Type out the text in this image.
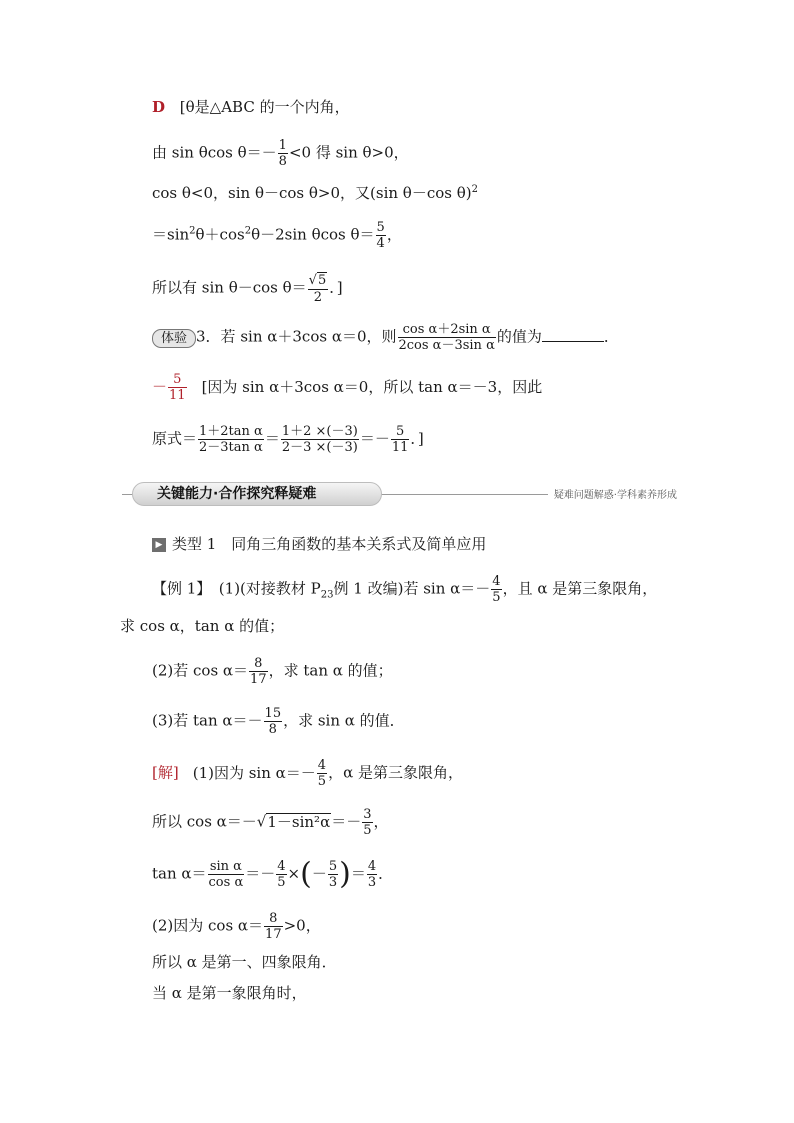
D [θ是△ABC 的一个内角，
由 sin θcos $\theta=- \frac{1}{8} <0$ 得 sin θ>0，
cos θ<0，sin θ－cos θ>0，又(sin θ－cos θ)$^2$
$=\sin^2\theta+\cos^2\theta-2\sin$ θcos $\theta= \frac{5}{4}$ ，
所以有 sin θ－cos $\theta= \frac{√5}{2}$ ．]
体验 3．若 sin α＋3cos α＝0，则 $\frac{\text{cos α＋2sin α}}{\text{2cos α－3sin α}}$ 的值为	．
－ $\frac{5}{11}$ [因为 sin α＋3cos α＝0，所以 tan α＝－3，因此
原式＝ $\frac{\text{1＋2tan α}}{\text{2－3tan α}} = \frac{1+2 \times(-3)}{2-3 \times(-3)} =- \frac{5}{11}$ ．]
关键能力·合作探究释疑难	疑难问题解惑·学科素养形成
▶ 类型 1　同角三角函数的基本关系式及简单应用
【例 1】　(1)(对接教材 $P_{23}$例 1 改编)若 $\sin \alpha=- \frac{4}{5}$ ，且 α 是第三象限角，
求 cos α，tan α 的值；
(2)若 $\cos \alpha= \frac{8}{17}$ ，求 tan α 的值；
(3)若 $\tan \alpha=- \frac{15}{8}$ ，求 sin α 的值．
[解] (1)因为 $\sin \alpha=- \frac{4}{5}$ ，α 是第三象限角，
所以 $\cos \alpha=-√1-\sin^2\alpha=- \frac{3}{5}$ ，
$\tan \alpha= \frac{\text{sin α}}{\text{cos α}} =- \frac{4}{5}$ ×(－ $\frac{5}{3}$ )＝ $\frac{4}{3}$ ．
(2)因为 $\cos \alpha= \frac{8}{17} >0$，
所以 α 是第一、四象限角．
当 α 是第一象限角时，
